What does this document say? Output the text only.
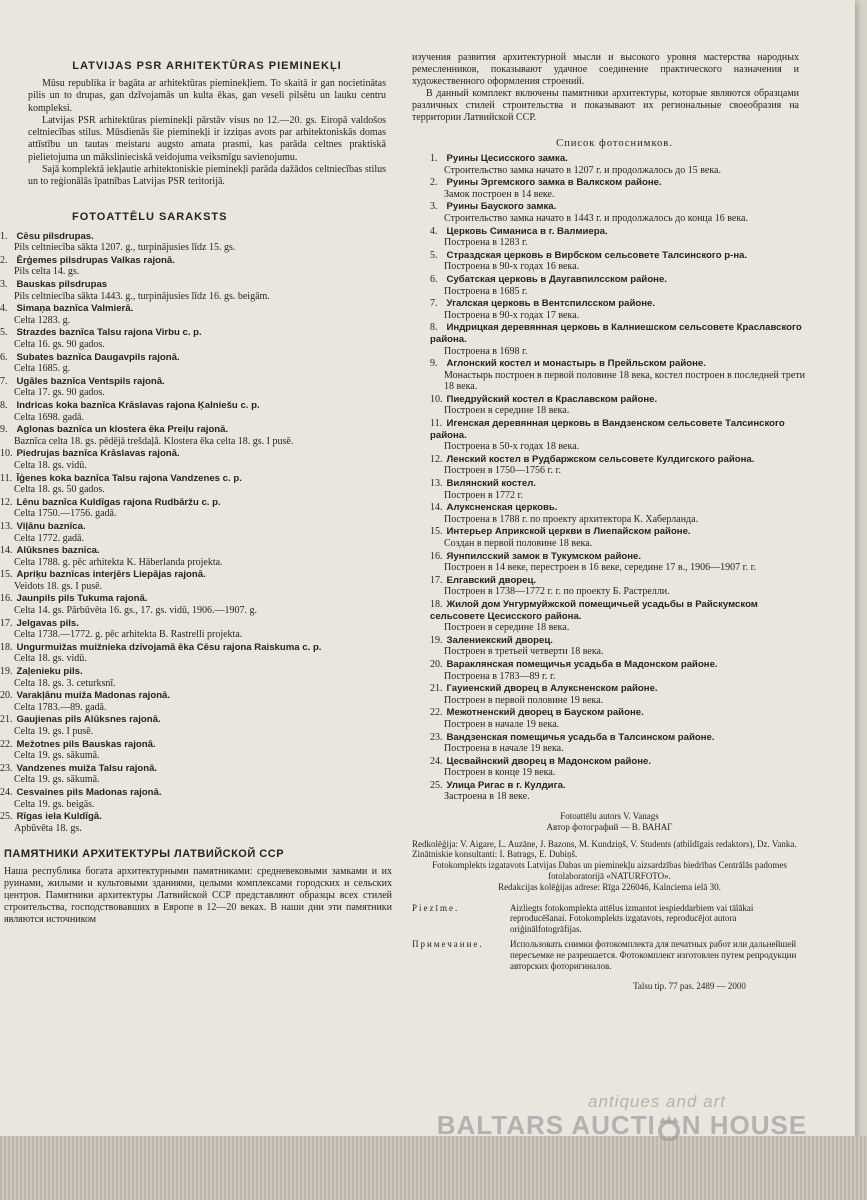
LATVIJAS PSR ARHITEKTŪRAS PIEMINEKĻI

Mūsu republika ir bagāta ar arhitektūras pieminekļiem. To skaitā ir gan nocietinātas pilis un to drupas, gan dzīvojamās un kulta ēkas, gan veseli pilsētu un lauku centru kompleksi.

Latvijas PSR arhitektūras pieminekļi pārstāv visus no 12.—20. gs. Eiropā valdošos celtniecības stilus. Mūsdienās šie pieminekļi ir izziņas avots par arhitektoniskās domas attīstību un tautas meistaru augsto amata prasmi, kas parāda celtnes praktiskā pielietojuma un mākslinieciskā veidojuma veiksmīgu savienojumu.

Sajā komplektā iekļautie arhitektoniskie pieminekļi parāda dažādos celtniecības stilus un to reģionālās īpatnības Latvijas PSR teritorijā.

FOTOATTĒLU SARAKSTS
1. Cēsu pilsdrupas.
Pils celtniecība sākta 1207. g., turpinājusies līdz 15. gs.
2. Ērģemes pilsdrupas Valkas rajonā.
Pils celta 14. gs.
3. Bauskas pilsdrupas
Pils celtniecība sākta 1443. g., turpinājusies līdz 16. gs. beigām.
4. Simaņa baznīca Valmierā.
Celta 1283. g.
5. Strazdes baznīca Talsu rajona Virbu c. p.
Celta 16. gs. 90 gados.
6. Subates baznīca Daugavpils rajonā.
Celta 1685. g.
7. Ugāles baznīca Ventspils rajonā.
Celta 17. gs. 90 gados.
8. Indricas koka baznīca Krāslavas rajona Ķalniešu c. p.
Celta 1698. gadā.
9. Aglonas baznīca un klostera ēka Preiļu rajonā.
Baznīca celta 18. gs. pēdējā trešdaļā. Klostera ēka celta 18. gs. I pusē.
10. Piedrujas baznīca Krāslavas rajonā.
Celta 18. gs. vidū.
11. Īģenes koka baznīca Talsu rajona Vandzenes c. p.
Celta 18. gs. 50 gados.
12. Lēnu baznīca Kuldīgas rajona Rudbāržu c. p.
Celta 1750.—1756. gadā.
13. Viļānu baznīca.
Celta 1772. gadā.
14. Alūksnes baznīca.
Celta 1788. g. pēc arhitekta K. Hāberlanda projekta.
15. Apriķu baznīcas interjērs Liepājas rajonā.
Veidots 18. gs. I pusē.
16. Jaunpils pils Tukuma rajonā.
Celta 14. gs. Pārbūvēta 16. gs., 17. gs. vidū, 1906.—1907. g.
17. Jelgavas pils.
Celta 1738.—1772. g. pēc arhitekta B. Rastrelli projekta.
18. Ungurmuižas muižnieka dzīvojamā ēka Cēsu rajona Raiskuma c. p.
Celta 18. gs. vidū.
19. Zaļenieku pils.
Celta 18. gs. 3. ceturksnī.
20. Varakļānu muiža Madonas rajonā.
Celta 1783.—89. gadā.
21. Gaujienas pils Alūksnes rajonā.
Celta 19. gs. I pusē.
22. Mežotnes pils Bauskas rajonā.
Celta 19. gs. sākumā.
23. Vandzenes muiža Talsu rajonā.
Celta 19. gs. sākumā.
24. Cesvaines pils Madonas rajonā.
Celta 19. gs. beigās.
25. Rīgas iela Kuldīgā.
Apbūvēta 18. gs.
ПАМЯТНИКИ АРХИТЕКТУРЫ ЛАТВИЙСКОЙ ССР

Наша республика богата архитектурными памятниками: средневековыми замками и их руинами, жилыми и культовыми зданиями, целыми комплексами городских и сельских центров. Памятники архитектуры Латвийской ССР представляют образцы всех стилей строительства, господствовавших в Европе в 12—20 веках. В наши дни эти памятники являются источником

изучения развития архитектурной мысли и высокого уровня мастерства народных ремесленников, показывают удачное соединение практического назначения и художественного оформления строений.

В данный комплект включены памятники архитектуры, которые являются образцами различных стилей строительства и показывают их региональные своеобразия на территории Латвийской ССР.

Список фотоснимков.
1. Руины Цесисского замка.
Строительство замка начато в 1207 г. и продолжалось до 15 века.
2. Руины Эргемского замка в Валкском районе.
Замок построен в 14 веке.
3. Руины Бауского замка.
Строительство замка начато в 1443 г. и продолжалось до конца 16 века.
4. Церковь Симаниса в г. Валмиера.
Построена в 1283 г.
5. Страздская церковь в Вирбском сельсовете Талсинского р-на.
Построена в 90-х годах 16 века.
6. Субатская церковь в Даугавпилсском районе.
Построена в 1685 г.
7. Угалская церковь в Вентспилсском районе.
Построена в 90-х годах 17 века.
8. Индрицкая деревянная церковь в Калниешском сельсовете Краславского района.
Построена в 1698 г.
9. Аглонский костел и монастырь в Прейльском районе.
Монастырь построен в первой половине 18 века, костел построен в последней трети 18 века.
10. Пиедруйский костел в Краславском районе.
Построен в середине 18 века.
11. Игенская деревянная церковь в Вандзенском сельсовете Талсинского района.
Построена в 50-х годах 18 века.
12. Ленский костел в Рудбаржском сельсовете Кулдигского района.
Построен в 1750—1756 г. г.
13. Вилянский костел.
Построен в 1772 г.
14. Алуксненская церковь.
Построена в 1788 г. по проекту архитектора К. Хаберланда.
15. Интерьер Априкской церкви в Лиепайском районе.
Создан в первой половине 18 века.
16. Яунпилсский замок в Тукумском районе.
Построен в 14 веке, перестроен в 16 веке, середине 17 в., 1906—1907 г. г.
17. Елгавский дворец.
Построен в 1738—1772 г. г. по проекту Б. Растрелли.
18. Жилой дом Унгурмуйжской помещичьей усадьбы в Райскумском сельсовете Цесисского района.
Построен в середине 18 века.
19. Залениекский дворец.
Построен в третьей четверти 18 века.
20. Вараклянская помещичья усадьба в Мадонском районе.
Построена в 1783—89 г. г.
21. Гауиенский дворец в Алуксненском районе.
Построен в первой половине 19 века.
22. Межотненский дворец в Бауском районе.
Построен в начале 19 века.
23. Вандзенская помещичья усадьба в Талсинском районе.
Построена в начале 19 века.
24. Цесвайнский дворец в Мадонском районе.
Построен в конце 19 века.
25. Улица Ригас в г. Кулдига.
Застроена в 18 веке.
Fotoattēlu autors V. Vanags
Автор фотографий — В. ВАНАГ
Redkolēģija: V. Aigare, L. Auzāne, J. Bazons, M. Kundziņš, V. Students (atbildīgais redaktors), Dz. Vanka.
Zinātniskie konsultanti: I. Batrags, E. Dubiņš.
Fotokomplekts izgatavots Latvijas Dabas un pieminekļu aizsardzības biedrības Centrālās padomes fotolaboratorijā «NATURFOTO».
Redakcijas kolēģijas adrese: Rīga 226046, Kalnciema ielā 30.
Piezīme.	Aizliegts fotokomplekta attēlus izmantot iespieddarbiem vai tālākai reproducēšanai. Fotokomplekts izgatavots, reproducējot autora oriģinālfotogrāfijas.
Примечание.	Использовать снимки фотокомплекта для печатных работ или дальнейшей пересъемке не разрешается. Фотокомплект изготовлен путем репродукции авторских фоторигиналов.
Talsu tip. 77 pas. 2489 — 2000
antiques and art
BALTARS AUCTI N HOUSE
